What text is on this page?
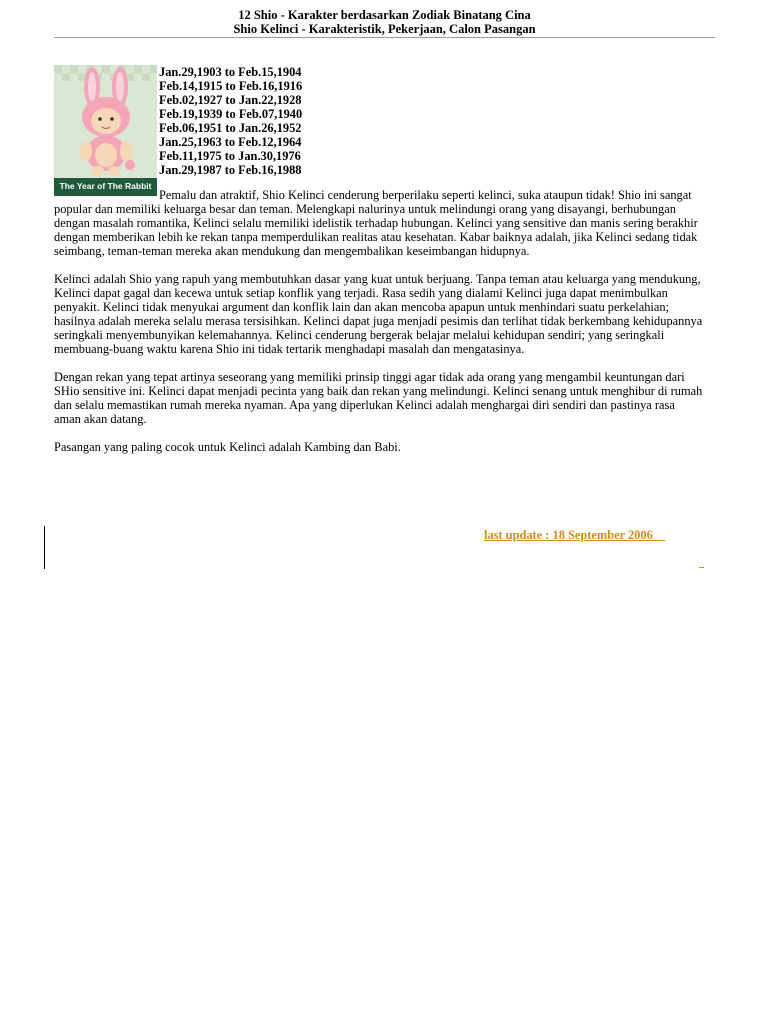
12 Shio - Karakter berdasarkan Zodiak Binatang Cina
Shio Kelinci - Karakteristik, Pekerjaan, Calon Pasangan
The Year of The Rabbit
Jan.29,1903 to Feb.15,1904
Feb.14,1915 to Feb.16,1916
Feb.02,1927 to Jan.22,1928
Feb.19,1939 to Feb.07,1940
Feb.06,1951 to Jan.26,1952
Jan.25,1963 to Feb.12,1964
Feb.11,1975 to Jan.30,1976
Jan.29,1987 to Feb.16,1988

Pemalu dan atraktif, Shio Kelinci cenderung berperilaku seperti kelinci, suka ataupun tidak! Shio ini sangat popular dan memiliki keluarga besar dan teman. Melengkapi nalurinya untuk melindungi orang yang disayangi, berhubungan dengan masalah romantika, Kelinci selalu memiliki idelistik terhadap hubungan. Kelinci yang sensitive dan manis sering berakhir dengan memberikan lebih ke rekan tanpa memperdulikan realitas atau kesehatan. Kabar baiknya adalah, jika Kelinci sedang tidak seimbang, teman-teman mereka akan mendukung dan mengembalikan keseimbangan hidupnya.

Kelinci adalah Shio yang rapuh yang membutuhkan dasar yang kuat untuk berjuang. Tanpa teman atau keluarga yang mendukung, Kelinci dapat gagal dan kecewa untuk setiap konflik yang terjadi. Rasa sedih yang dialami Kelinci juga dapat menimbulkan penyakit. Kelinci tidak menyukai argument dan konflik lain dan akan mencoba apapun untuk menhindari suatu perkelahian; hasilnya adalah mereka selalu merasa tersisihkan. Kelinci dapat juga menjadi pesimis dan terlihat tidak berkembang kehidupannya seringkali menyembunyikan kelemahannya. Kelinci cenderung bergerak belajar melalui kehidupan sendiri; yang seringkali membuang-buang waktu karena Shio ini tidak tertarik menghadapi masalah dan mengatasinya.

Dengan rekan yang tepat artinya seseorang yang memiliki prinsip tinggi agar tidak ada orang yang mengambil keuntungan dari SHio sensitive ini. Kelinci dapat menjadi pecinta yang baik dan rekan yang melindungi. Kelinci senang untuk menghibur di rumah dan selalu memastikan rumah mereka nyaman. Apa yang diperlukan Kelinci adalah menghargai diri sendiri dan pastinya rasa aman akan datang.

Pasangan yang paling cocok untuk Kelinci adalah Kambing dan Babi.

last update : 18 September 2006
